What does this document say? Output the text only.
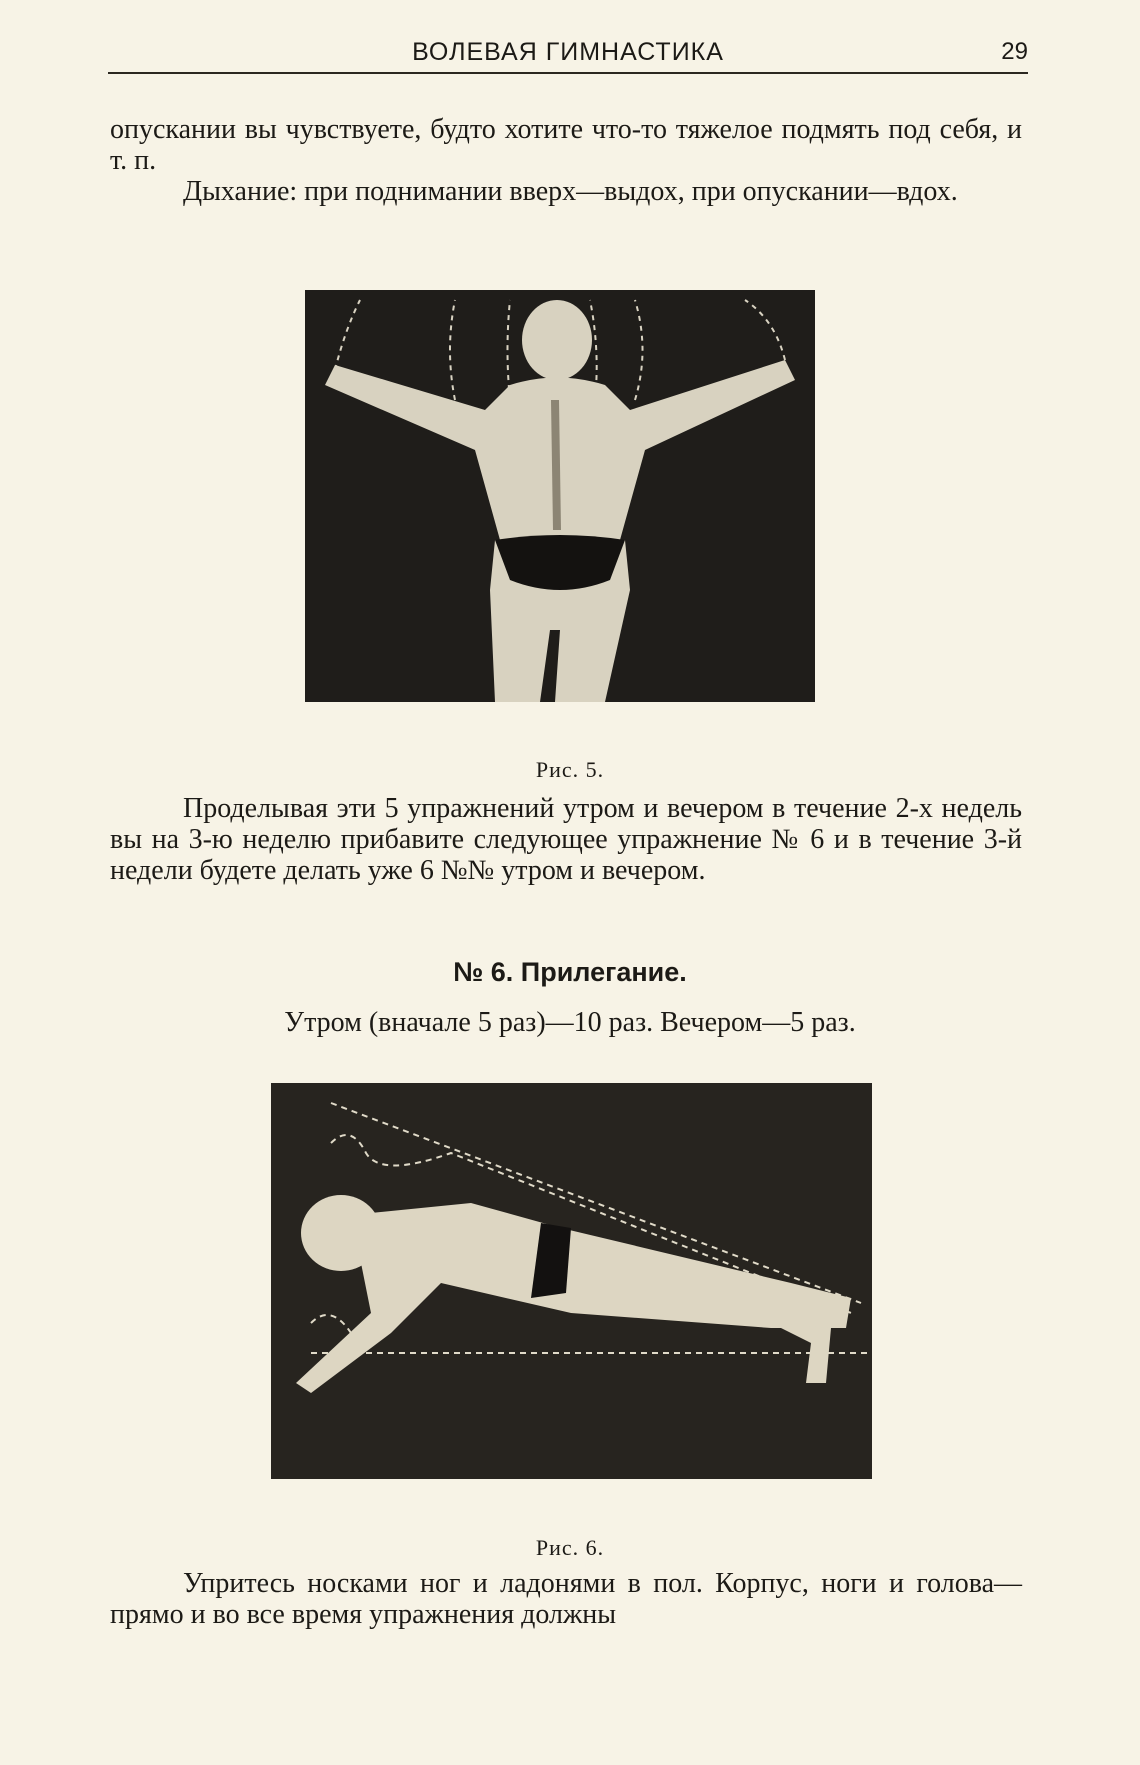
ВОЛЕВАЯ ГИМНАСТИКА	29

опускании вы чувствуете, будто хотите что-то тяжелое подмять под себя, и т. п.

Дыхание: при поднимании вверх—выдох, при опускании—вдох.

Рис. 5.

Проделывая эти 5 упражнений утром и вечером в течение 2-х недель вы на 3-ю неделю прибавите следующее упражнение № 6 и в течение 3-й недели будете делать уже 6 №№ утром и вечером.

№ 6. Прилегание.
Утром (вначале 5 раз)—10 раз. Вечером—5 раз.
Рис. 6.

Упритесь носками ног и ладонями в пол. Корпус, ноги и голова—прямо и во все время упражнения должны
